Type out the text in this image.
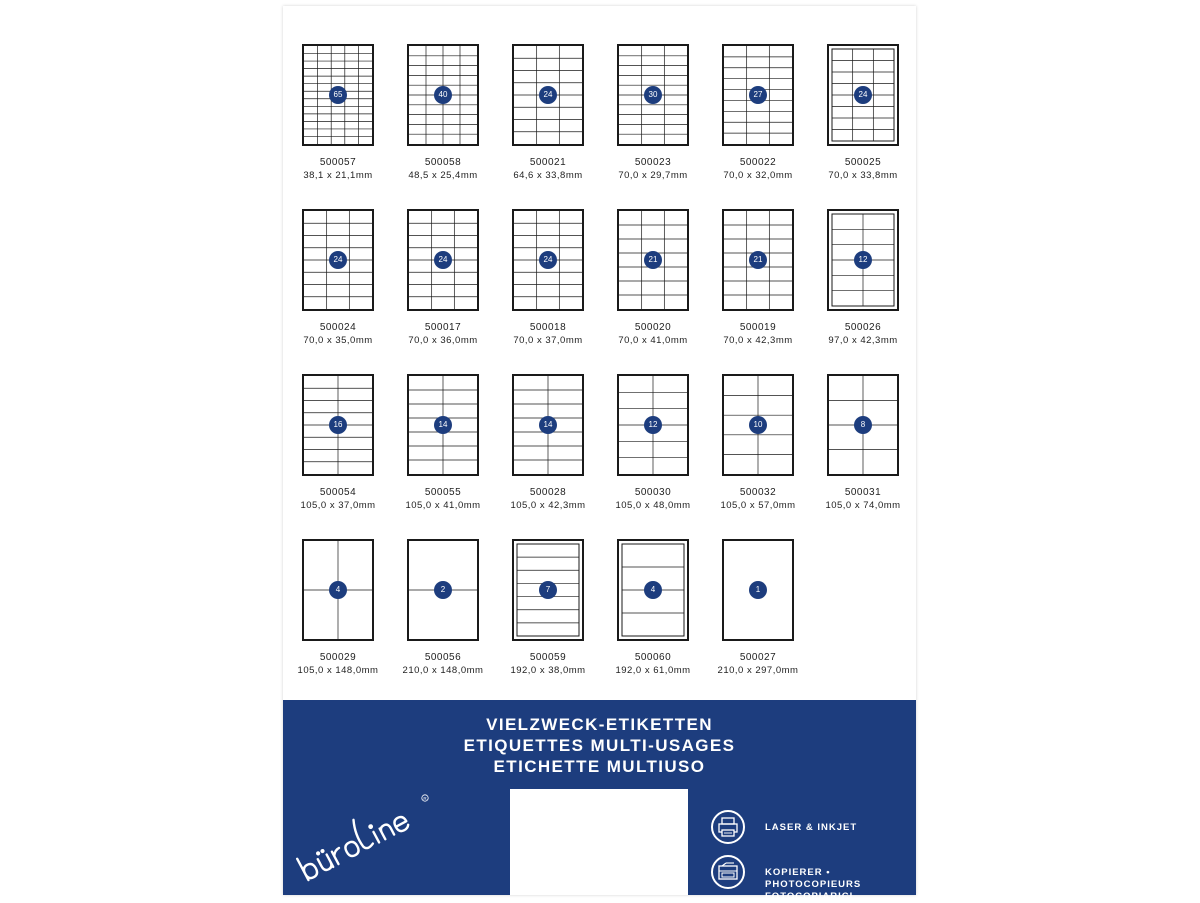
65
500057
38,1 x 21,1mm
40
500058
48,5 x 25,4mm
24
500021
64,6 x 33,8mm
30
500023
70,0 x 29,7mm
27
500022
70,0 x 32,0mm
24
500025
70,0 x 33,8mm
24
500024
70,0 x 35,0mm
24
500017
70,0 x 36,0mm
24
500018
70,0 x 37,0mm
21
500020
70,0 x 41,0mm
21
500019
70,0 x 42,3mm
12
500026
97,0 x 42,3mm
16
500054
105,0 x 37,0mm
14
500055
105,0 x 41,0mm
14
500028
105,0 x 42,3mm
12
500030
105,0 x 48,0mm
10
500032
105,0 x 57,0mm
8
500031
105,0 x 74,0mm
4
500029
105,0 x 148,0mm
2
500056
210,0 x 148,0mm
7
500059
192,0 x 38,0mm
4
500060
192,0 x 61,0mm
1
500027
210,0 x 297,0mm
VIELZWECK-ETIKETTEN
ETIQUETTES MULTI-USAGES
ETICHETTE MULTIUSO
R
LASER & INKJET
KOPIERER • PHOTOCOPIEURS
FOTOCOPIARICI
